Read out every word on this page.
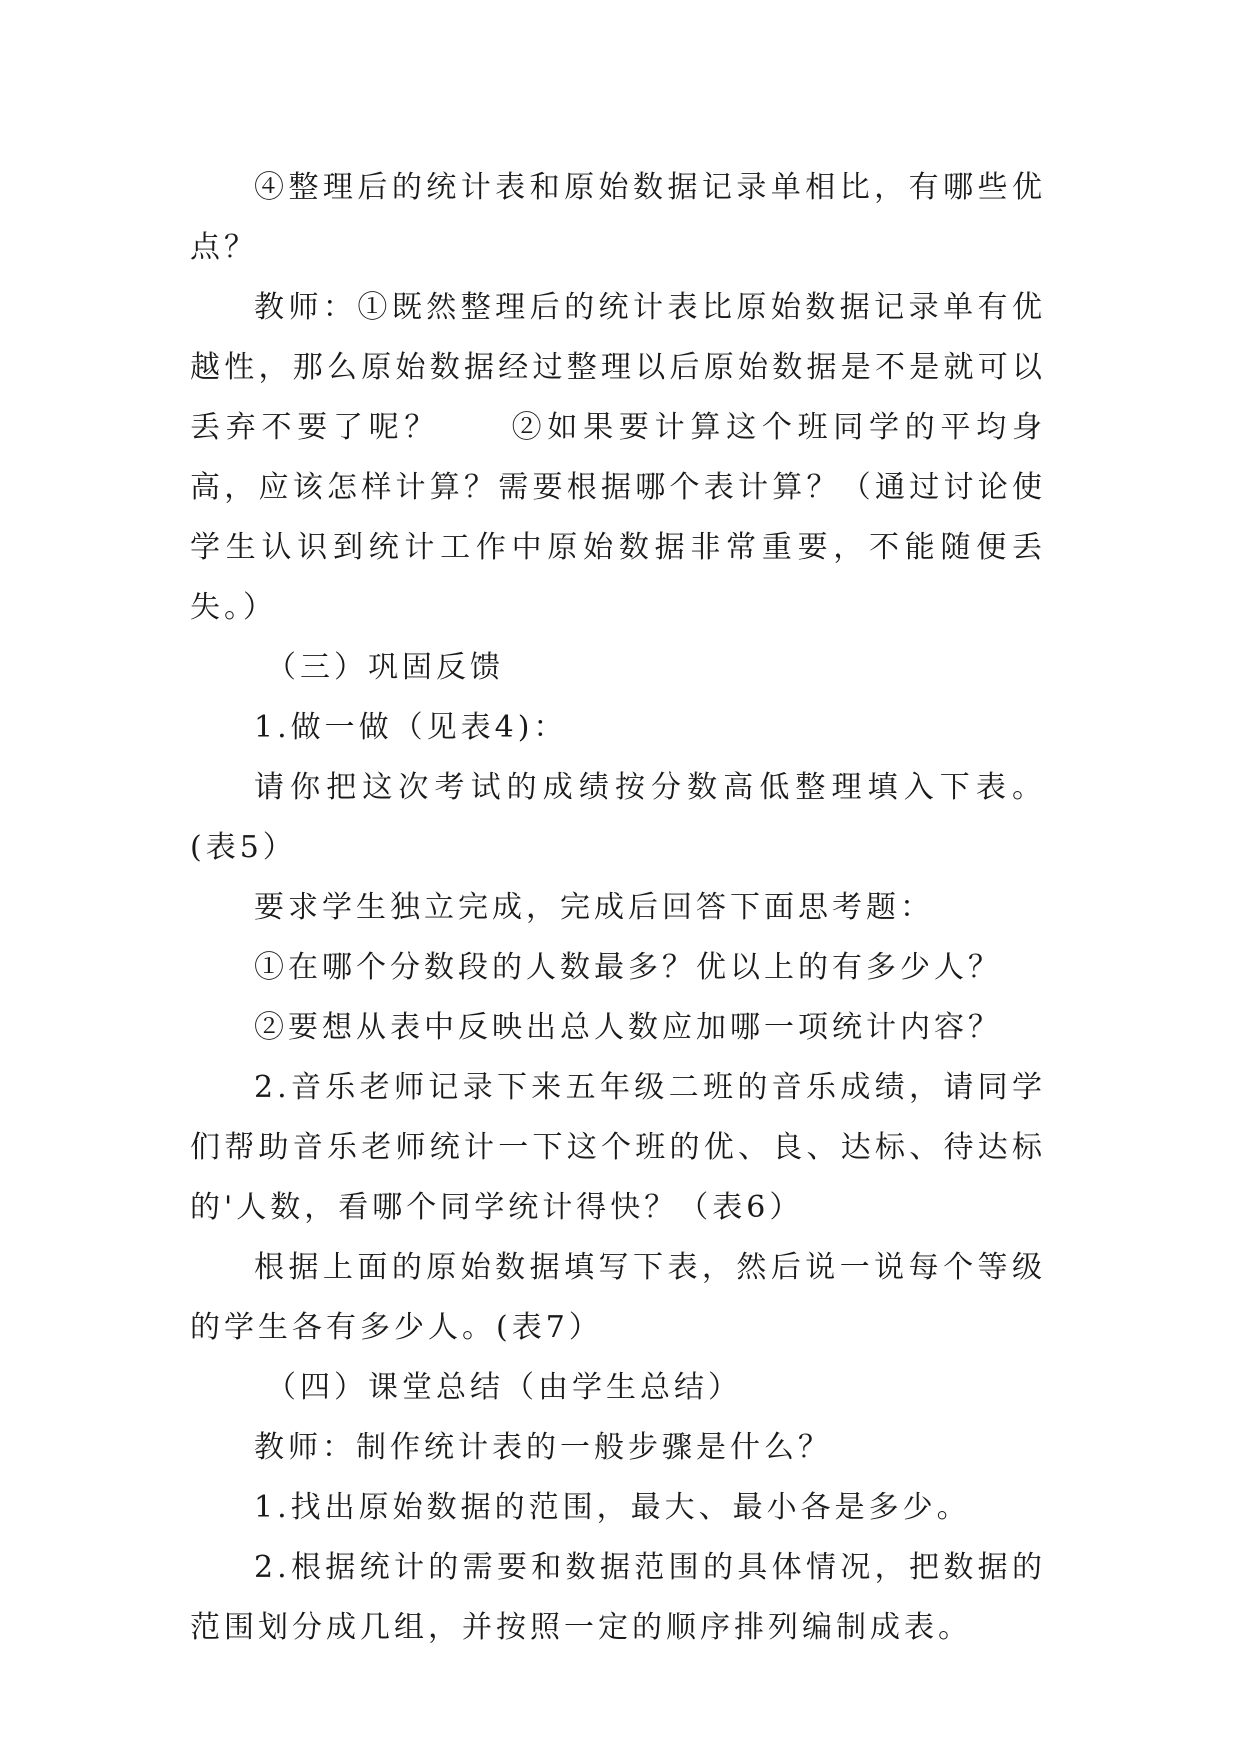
④整理后的统计表和原始数据记录单相比，有哪些优点？

教师：①既然整理后的统计表比原始数据记录单有优越性，那么原始数据经过整理以后原始数据是不是就可以丢弃不要了呢？　　②如果要计算这个班同学的平均身高，应该怎样计算？需要根据哪个表计算？（通过讨论使学生认识到统计工作中原始数据非常重要，不能随便丢失。）

（三）巩固反馈

1.做一做（见表4)：

请你把这次考试的成绩按分数高低整理填入下表。(表5）

要求学生独立完成，完成后回答下面思考题：

①在哪个分数段的人数最多？优以上的有多少人？

②要想从表中反映出总人数应加哪一项统计内容？

2.音乐老师记录下来五年级二班的音乐成绩，请同学们帮助音乐老师统计一下这个班的优、良、达标、待达标的'人数，看哪个同学统计得快？（表6）

根据上面的原始数据填写下表，然后说一说每个等级的学生各有多少人。(表7）

（四）课堂总结（由学生总结）

教师：制作统计表的一般步骤是什么？

1.找出原始数据的范围，最大、最小各是多少。

2.根据统计的需要和数据范围的具体情况，把数据的范围划分成几组，并按照一定的顺序排列编制成表。
